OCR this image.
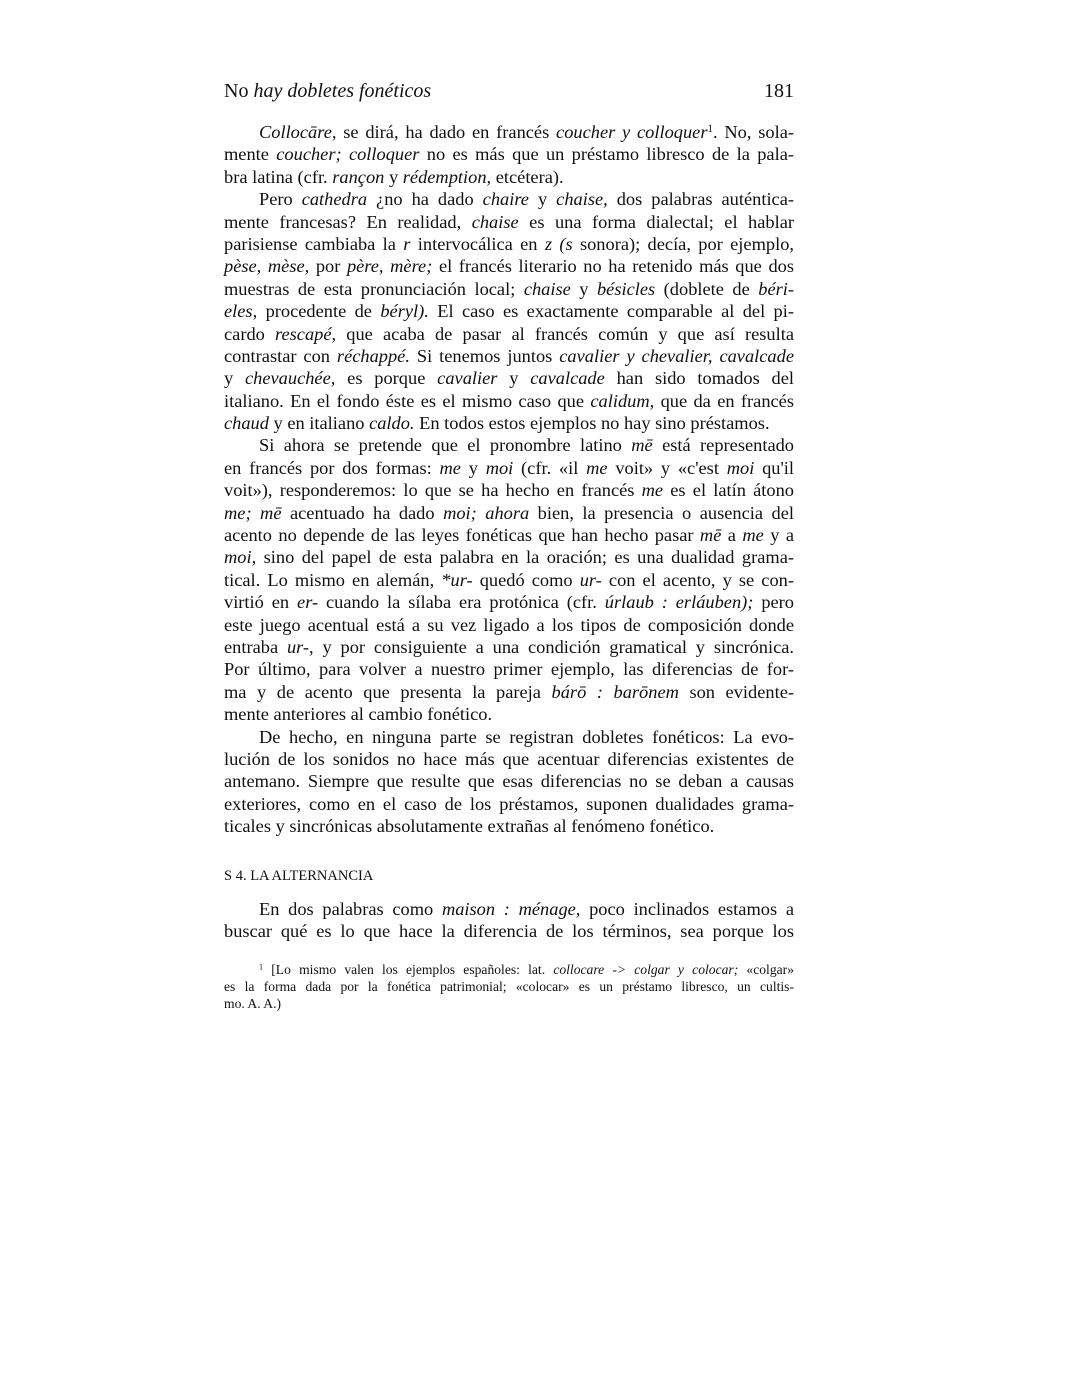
No hay dobletes fonéticos	181
Collocāre, se dirá, ha dado en francés coucher y colloquer$^1$. No, sola-
mente coucher; colloquer no es más que un préstamo libresco de la pala-
bra latina (cfr. rançon y rédemption, etcétera).
Pero cathedra ¿no ha dado chaire y chaise, dos palabras auténtica-
mente francesas? En realidad, chaise es una forma dialectal; el hablar
parisiense cambiaba la r intervocálica en z (s sonora); decía, por ejemplo,
pèse, mèse, por père, mère; el francés literario no ha retenido más que dos
muestras de esta pronunciación local; chaise y bésicles (doblete de béri-
eles, procedente de béryl). El caso es exactamente comparable al del pi-
cardo rescapé, que acaba de pasar al francés común y que así resulta
contrastar con réchappé. Si tenemos juntos cavalier y chevalier, cavalcade
y chevauchée, es porque cavalier y cavalcade han sido tomados del
italiano. En el fondo éste es el mismo caso que calidum, que da en francés
chaud y en italiano caldo. En todos estos ejemplos no hay sino préstamos.
Si ahora se pretende que el pronombre latino mē está representado
en francés por dos formas: me y moi (cfr. «il me voit» y «c'est moi qu'il
voit»), responderemos: lo que se ha hecho en francés me es el latín átono
me; mē acentuado ha dado moi; ahora bien, la presencia o ausencia del
acento no depende de las leyes fonéticas que han hecho pasar mē a me y a
moi, sino del papel de esta palabra en la oración; es una dualidad grama-
tical. Lo mismo en alemán, *ur- quedó como ur- con el acento, y se con-
virtió en er- cuando la sílaba era protónica (cfr. úrlaub : erláuben); pero
este juego acentual está a su vez ligado a los tipos de composición donde
entraba ur-, y por consiguiente a una condición gramatical y sincrónica.
Por último, para volver a nuestro primer ejemplo, las diferencias de for-
ma y de acento que presenta la pareja bárō : barōnem son evidente-
mente anteriores al cambio fonético.
De hecho, en ninguna parte se registran dobletes fonéticos: La evo-
lución de los sonidos no hace más que acentuar diferencias existentes de
antemano. Siempre que resulte que esas diferencias no se deban a causas
exteriores, como en el caso de los préstamos, suponen dualidades grama-
ticales y sincrónicas absolutamente extrañas al fenómeno fonético.
S 4. LA ALTERNANCIA
En dos palabras como maison : ménage, poco inclinados estamos a
buscar qué es lo que hace la diferencia de los términos, sea porque los
$^1$ [Lo mismo valen los ejemplos españoles: lat. collocare -> colgar y colocar; «colgar»
es la forma dada por la fonética patrimonial; «colocar» es un préstamo libresco, un cultis-
mo. A. A.)
